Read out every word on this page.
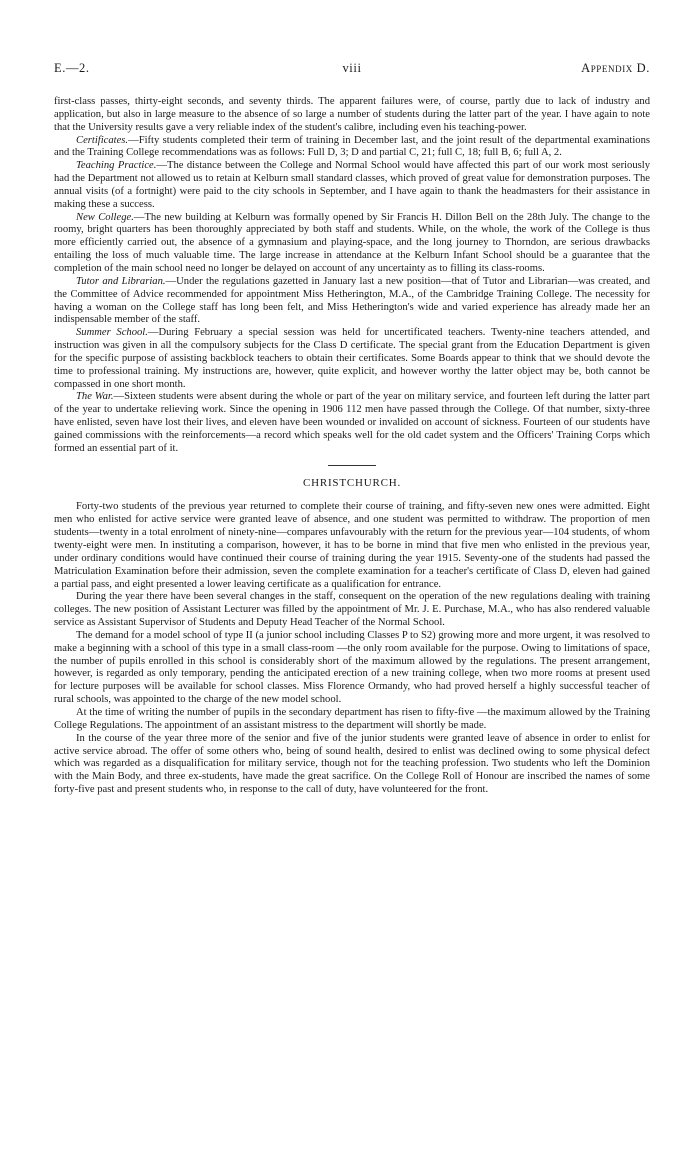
E.—2.	viii	Appendix D.

first-class passes, thirty-eight seconds, and seventy thirds. The apparent failures were, of course, partly due to lack of industry and application, but also in large measure to the absence of so large a number of students during the latter part of the year. I have again to note that the University results gave a very reliable index of the student's calibre, including even his teaching-power.

Certificates.—Fifty students completed their term of training in December last, and the joint result of the departmental examinations and the Training College recommendations was as follows: Full D, 3; D and partial C, 21; full C, 18; full B, 6; full A, 2.

Teaching Practice.—The distance between the College and Normal School would have affected this part of our work most seriously had the Department not allowed us to retain at Kelburn small standard classes, which proved of great value for demonstration purposes. The annual visits (of a fortnight) were paid to the city schools in September, and I have again to thank the headmasters for their assistance in making these a success.

New College.—The new building at Kelburn was formally opened by Sir Francis H. Dillon Bell on the 28th July. The change to the roomy, bright quarters has been thoroughly appreciated by both staff and students. While, on the whole, the work of the College is thus more efficiently carried out, the absence of a gymnasium and playing-space, and the long journey to Thorndon, are serious drawbacks entailing the loss of much valuable time. The large increase in attendance at the Kelburn Infant School should be a guarantee that the completion of the main school need no longer be delayed on account of any uncertainty as to filling its class-rooms.

Tutor and Librarian.—Under the regulations gazetted in January last a new position—that of Tutor and Librarian—was created, and the Committee of Advice recommended for appointment Miss Hetherington, M.A., of the Cambridge Training College. The necessity for having a woman on the College staff has long been felt, and Miss Hetherington's wide and varied experience has already made her an indispensable member of the staff.

Summer School.—During February a special session was held for uncertificated teachers. Twenty-nine teachers attended, and instruction was given in all the compulsory subjects for the Class D certificate. The special grant from the Education Department is given for the specific purpose of assisting backblock teachers to obtain their certificates. Some Boards appear to think that we should devote the time to professional training. My instructions are, however, quite explicit, and however worthy the latter object may be, both cannot be compassed in one short month.

The War.—Sixteen students were absent during the whole or part of the year on military service, and fourteen left during the latter part of the year to undertake relieving work. Since the opening in 1906 112 men have passed through the College. Of that number, sixty-three have enlisted, seven have lost their lives, and eleven have been wounded or invalided on account of sickness. Fourteen of our students have gained commissions with the reinforcements—a record which speaks well for the old cadet system and the Officers' Training Corps which formed an essential part of it.

CHRISTCHURCH.

Forty-two students of the previous year returned to complete their course of training, and fifty-seven new ones were admitted. Eight men who enlisted for active service were granted leave of absence, and one student was permitted to withdraw. The proportion of men students—twenty in a total enrolment of ninety-nine—compares unfavourably with the return for the previous year—104 students, of whom twenty-eight were men. In instituting a comparison, however, it has to be borne in mind that five men who enlisted in the previous year, under ordinary conditions would have continued their course of training during the year 1915. Seventy-one of the students had passed the Matriculation Examination before their admission, seven the complete examination for a teacher's certificate of Class D, eleven had gained a partial pass, and eight presented a lower leaving certificate as a qualification for entrance.

During the year there have been several changes in the staff, consequent on the operation of the new regulations dealing with training colleges. The new position of Assistant Lecturer was filled by the appointment of Mr. J. E. Purchase, M.A., who has also rendered valuable service as Assistant Supervisor of Students and Deputy Head Teacher of the Normal School.

The demand for a model school of type II (a junior school including Classes P to S2) growing more and more urgent, it was resolved to make a beginning with a school of this type in a small class-room —the only room available for the purpose. Owing to limitations of space, the number of pupils enrolled in this school is considerably short of the maximum allowed by the regulations. The present arrangement, however, is regarded as only temporary, pending the anticipated erection of a new training college, when two more rooms at present used for lecture purposes will be available for school classes. Miss Florence Ormandy, who had proved herself a highly successful teacher of rural schools, was appointed to the charge of the new model school.

At the time of writing the number of pupils in the secondary department has risen to fifty-five —the maximum allowed by the Training College Regulations. The appointment of an assistant mistress to the department will shortly be made.

In the course of the year three more of the senior and five of the junior students were granted leave of absence in order to enlist for active service abroad. The offer of some others who, being of sound health, desired to enlist was declined owing to some physical defect which was regarded as a disqualification for military service, though not for the teaching profession. Two students who left the Dominion with the Main Body, and three ex-students, have made the great sacrifice. On the College Roll of Honour are inscribed the names of some forty-five past and present students who, in response to the call of duty, have volunteered for the front.
